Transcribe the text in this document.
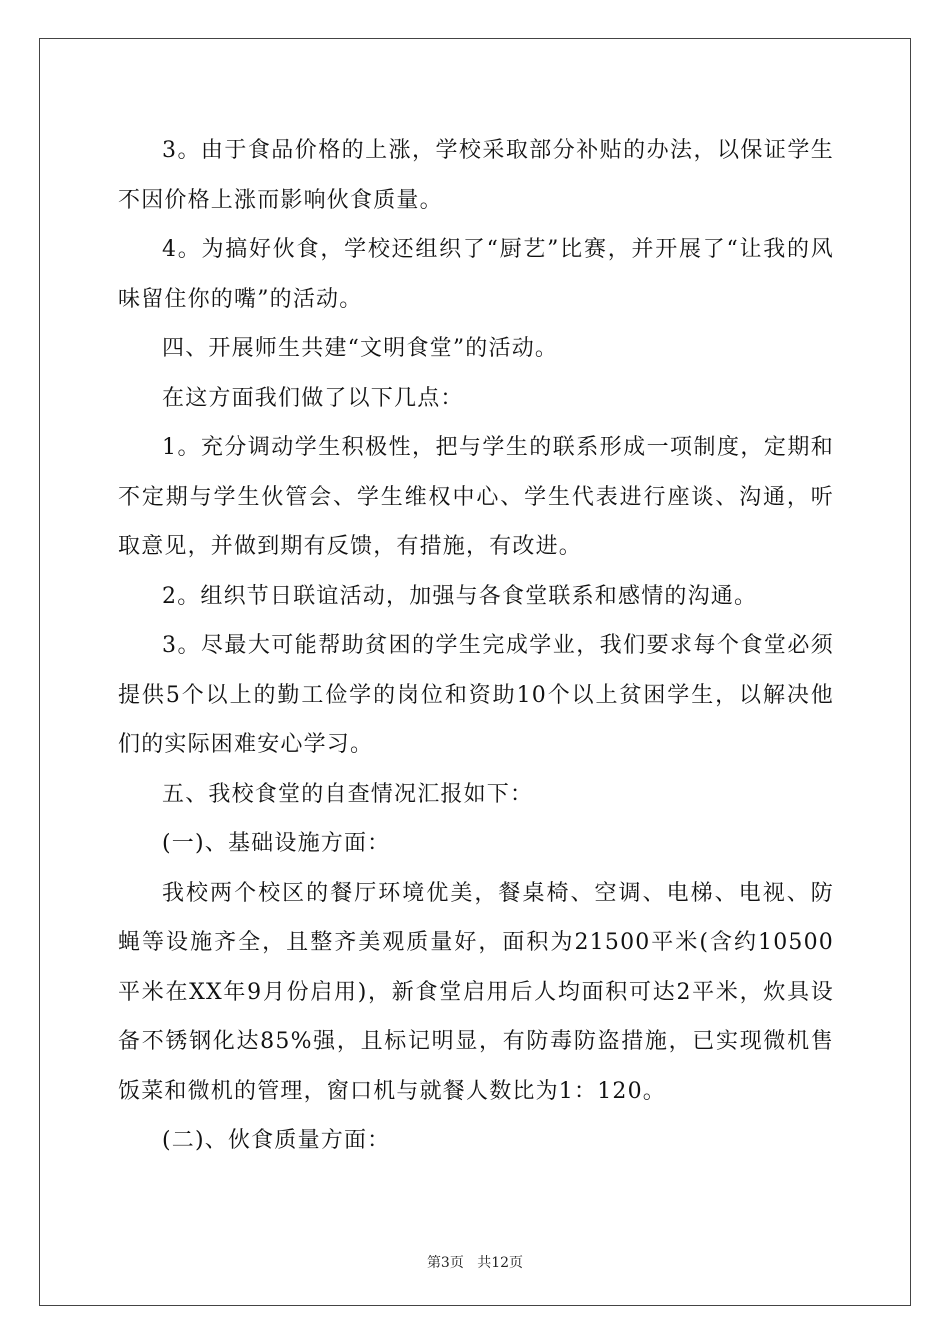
3。由于食品价格的上涨，学校采取部分补贴的办法，以保证学生不因价格上涨而影响伙食质量。

4。为搞好伙食，学校还组织了“厨艺”比赛，并开展了“让我的风味留住你的嘴”的活动。

四、开展师生共建“文明食堂”的活动。

在这方面我们做了以下几点：

1。充分调动学生积极性，把与学生的联系形成一项制度，定期和不定期与学生伙管会、学生维权中心、学生代表进行座谈、沟通，听取意见，并做到期有反馈，有措施，有改进。

2。组织节日联谊活动，加强与各食堂联系和感情的沟通。

3。尽最大可能帮助贫困的学生完成学业，我们要求每个食堂必须提供5个以上的勤工俭学的岗位和资助10个以上贫困学生，以解决他们的实际困难安心学习。

五、我校食堂的自查情况汇报如下：

(一)、基础设施方面：

我校两个校区的餐厅环境优美，餐桌椅、空调、电梯、电视、防蝇等设施齐全，且整齐美观质量好，面积为21500平米(含约10500平米在XX年9月份启用)，新食堂启用后人均面积可达2平米，炊具设备不锈钢化达85%强，且标记明显，有防毒防盗措施，已实现微机售饭菜和微机的管理，窗口机与就餐人数比为1：120。

(二)、伙食质量方面：

第3页 共12页
